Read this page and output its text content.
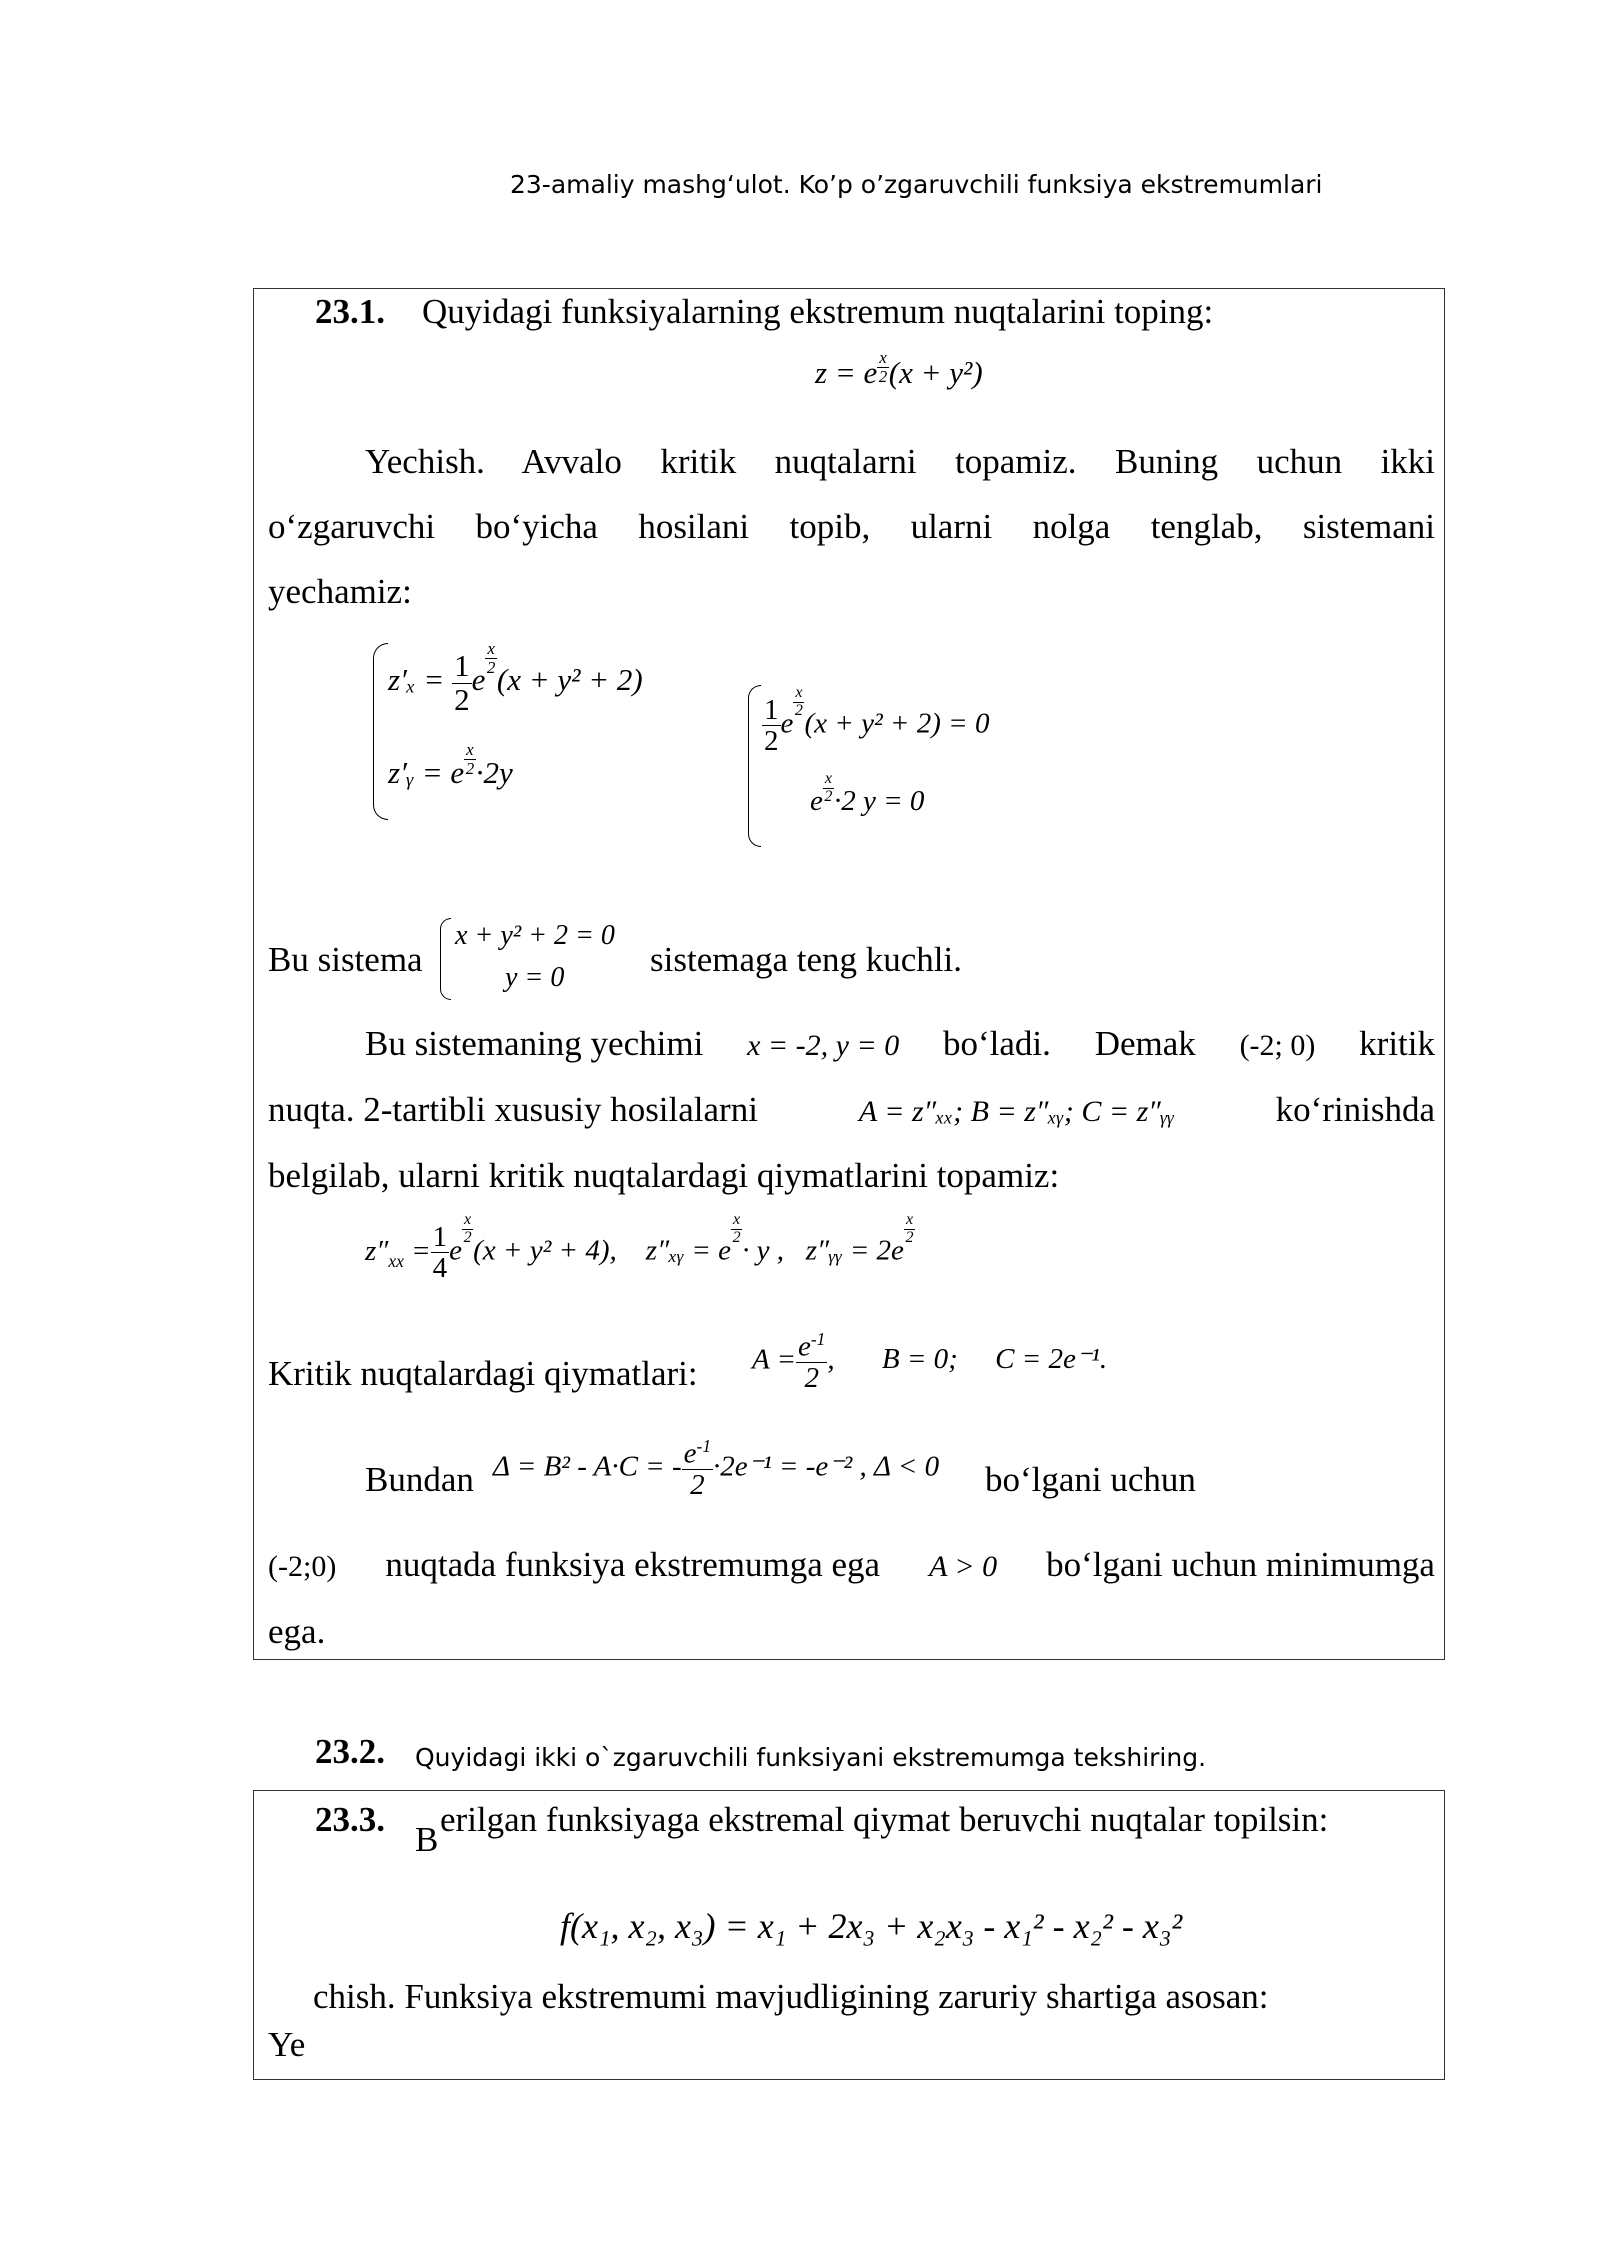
23-amaliy mashg‘ulot. Ko’p o’zgaruvchili funksiya ekstremumlari
23.1. Quyidagi funksiyalarning ekstremum nuqtalarini toping:
z = e $\frac{x}{2} (x + y^2)$
Yechish. Avvalo kritik nuqtalarni topamiz. Buning uchun ikki
o‘zgaruvchi bo‘yicha hosilani topib, ularni nolga tenglab, sistemani
yechamiz:
$z'_x = \frac{1}{2}$ e
$\frac{x}{2}$
(x + y² + 2)
z′ᵧ = e $\frac{x}{2} \cdot 2y$
$\frac{1}{2}$ e
$\frac{x}{2}$
(x + y² + 2) = 0
e $\frac{x}{2} \cdot 2$ y = 0
Bu sistema
x + y² + 2 = 0
y = 0 sistemaga teng kuchli.
Bu sistemaning yechimi x = -2, y = 0 bo‘ladi. Demak (-2; 0) kritik
nuqta. 2-tartibli xususiy hosilalarni	A = z″ₓₓ; B = z″ₓᵧ; C = z″ᵧᵧ	ko‘rinishda
belgilab, ularni kritik nuqtalardagi qiymatlarini topamiz:
$z''_{xx} = \frac{1}{4}$ e
$\frac{x}{2}$
(x + y² + 4), z″ₓᵧ = e
$\frac{x}{2}$
· y , z″ᵧᵧ = 2e
$\frac{x}{2}$
Kritik nuqtalardagi qiymatlari: $A = \frac{e^{-1}}{2}$ , B = 0; C = 2e⁻¹.
Bundan Δ = B² - A·C = - $\frac{e^{-1}}{2} \cdot 2e^{-1} = -e^{-2}$ , Δ < 0 bo‘lgani uchun
(-2;0) nuqtada funksiya ekstremumga ega A > 0 bo‘lgani uchun minimumga
ega.
23.2. Quyidagi ikki o`zgaruvchili funksiyani ekstremumga tekshiring.
23.3.
B
erilgan funksiyaga ekstremal qiymat beruvchi nuqtalar topilsin:
f(x₁, x₂, x₃) = x₁ + 2x₃ + x₂x₃ - x₁² - x₂² - x₃²
chish. Funksiya ekstremumi mavjudligining zaruriy shartiga asosan:
Ye
